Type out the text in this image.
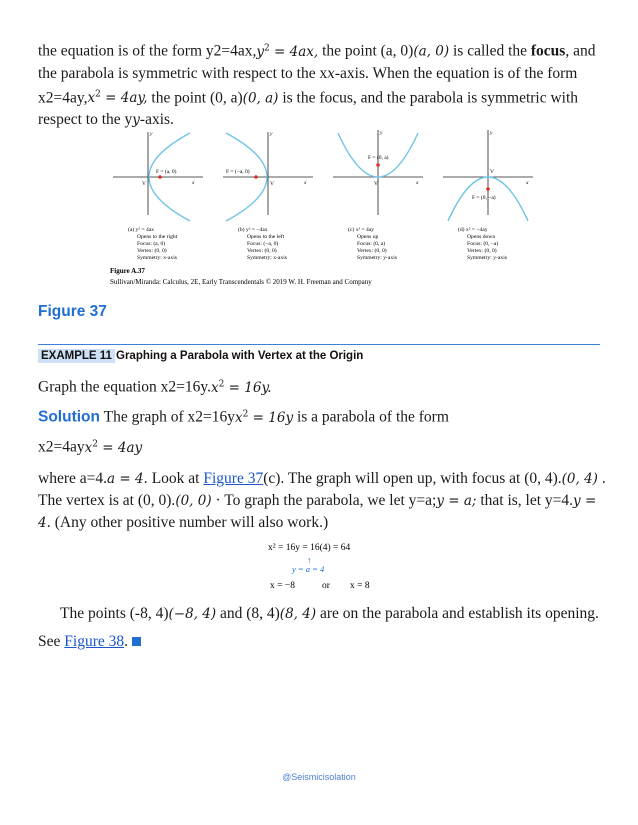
the equation is of the form $y2=4ax,y^2 = 4ax$, the point (a, 0)(a, 0) is called the focus, and the parabola is symmetric with respect to the xx-axis. When the equation is of the form $x2=4ay,x^2 = 4ay$, the point (0, a)(0, a) is the focus, and the parabola is symmetric with respect to the yy-axis.

F = (a, 0)
V
y
x
F = (−a, 0)
V
y
x
F = (0, a)
V
y
x
F = (0, −a)
V
y
x
(a) y² = 4ax
Opens to the right
Focus: (a, 0)
Vertex: (0, 0)
Symmetry: x-axis
(b) y² = −4ax
Opens to the left
Focus: (−a, 0)
Vertex: (0, 0)
Symmetry: x-axis
(c) x² = 4ay
Opens up
Focus: (0, a)
Vertex: (0, 0)
Symmetry: y-axis
(d) x² = −4ay
Opens down
Focus: (0, −a)
Vertex: (0, 0)
Symmetry: y-axis
Figure A.37
Sullivan/Miranda: Calculus, 2E, Early Transcendentals © 2019 W. H. Freeman and Company
Figure 37
EXAMPLE 11 Graphing a Parabola with Vertex at the Origin

Graph the equation $x2=16y.x^2 = 16y$.

Solution The graph of $x2=16yx^2 = 16y$ is a parabola of the form

x2=4ayx$^2$ = 4ay

where a=4.a = 4. Look at Figure 37(c). The graph will open up, with focus at (0, 4).(0, 4) . The vertex is at (0, 0).(0, 0) · To graph the parabola, we let y=a;y = a; that is, let y=4.y = 4. (Any other positive number will also work.)

x² = 16y = 16(4) = 64
↑
y = a = 4
x = −8	or x = 8

The points (-8, 4)(−8, 4) and (8, 4)(8, 4) are on the parabola and establish its opening.

See Figure 38.

@Seismicisolation
